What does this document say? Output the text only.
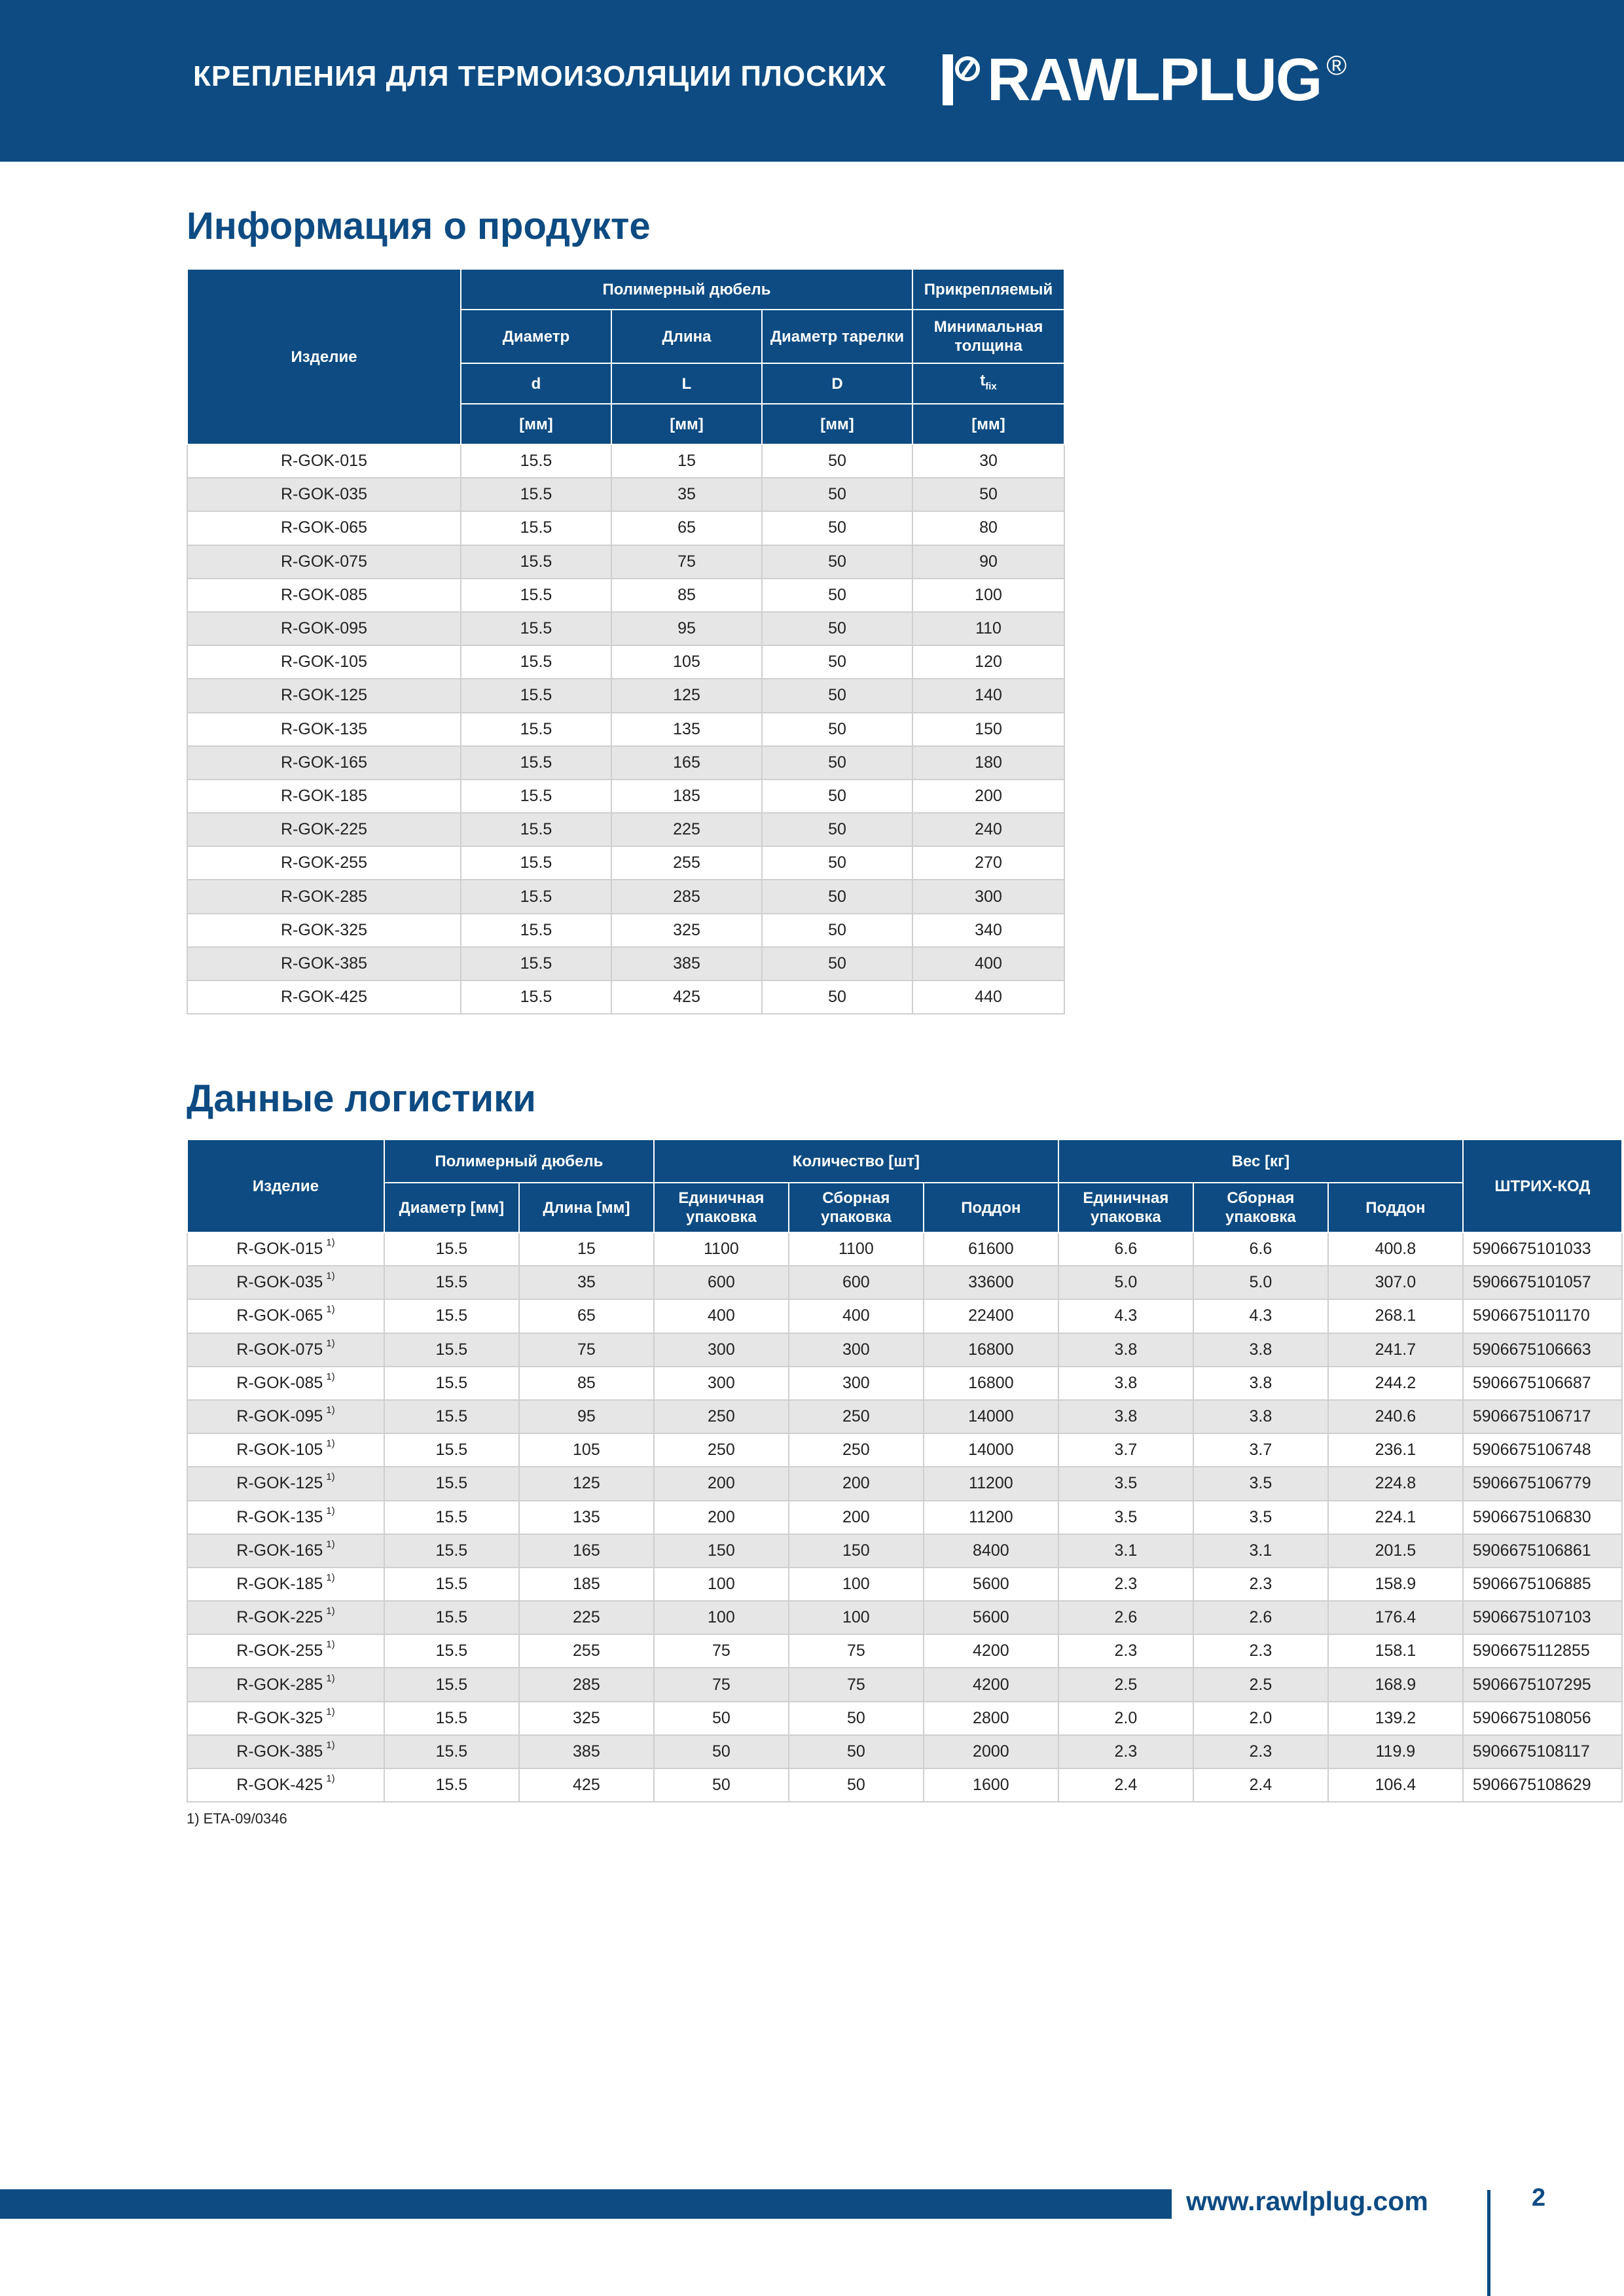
КРЕПЛЕНИЯ ДЛЯ ТЕРМОИЗОЛЯЦИИ ПЛОСКИХ RAWLPLUG ®
Информация о продукте
Изделие	Полимерный дюбель			Прикрепляемый
	Диаметр	Длина	Диаметр тарелки	Минимальная толщина
	d	L	D	$t_{fix}$
	[мм]	[мм]	[мм]	[мм]
R-GOK-015	15.5	15	50	30
R-GOK-035	15.5	35	50	50
R-GOK-065	15.5	65	50	80
R-GOK-075	15.5	75	50	90
R-GOK-085	15.5	85	50	100
R-GOK-095	15.5	95	50	110
R-GOK-105	15.5	105	50	120
R-GOK-125	15.5	125	50	140
R-GOK-135	15.5	135	50	150
R-GOK-165	15.5	165	50	180
R-GOK-185	15.5	185	50	200
R-GOK-225	15.5	225	50	240
R-GOK-255	15.5	255	50	270
R-GOK-285	15.5	285	50	300
R-GOK-325	15.5	325	50	340
R-GOK-385	15.5	385	50	400
R-GOK-425	15.5	425	50	440
Данные логистики
Изделие	Полимерный дюбель		Количество [шт]			Вес [кг]			ШТРИХ-КОД
	Диаметр [мм]	Длина [мм]	Единичная упаковка	Сборная упаковка	Поддон	Единичная упаковка	Сборная упаковка	Поддон	
R-GOK-015 $^{1)}$	15.5	15	1100	1100	61600	6.6	6.6	400.8	5906675101033
R-GOK-035 $^{1)}$	15.5	35	600	600	33600	5.0	5.0	307.0	5906675101057
R-GOK-065 $^{1)}$	15.5	65	400	400	22400	4.3	4.3	268.1	5906675101170
R-GOK-075 $^{1)}$	15.5	75	300	300	16800	3.8	3.8	241.7	5906675106663
R-GOK-085 $^{1)}$	15.5	85	300	300	16800	3.8	3.8	244.2	5906675106687
R-GOK-095 $^{1)}$	15.5	95	250	250	14000	3.8	3.8	240.6	5906675106717
R-GOK-105 $^{1)}$	15.5	105	250	250	14000	3.7	3.7	236.1	5906675106748
R-GOK-125 $^{1)}$	15.5	125	200	200	11200	3.5	3.5	224.8	5906675106779
R-GOK-135 $^{1)}$	15.5	135	200	200	11200	3.5	3.5	224.1	5906675106830
R-GOK-165 $^{1)}$	15.5	165	150	150	8400	3.1	3.1	201.5	5906675106861
R-GOK-185 $^{1)}$	15.5	185	100	100	5600	2.3	2.3	158.9	5906675106885
R-GOK-225 $^{1)}$	15.5	225	100	100	5600	2.6	2.6	176.4	5906675107103
R-GOK-255 $^{1)}$	15.5	255	75	75	4200	2.3	2.3	158.1	5906675112855
R-GOK-285 $^{1)}$	15.5	285	75	75	4200	2.5	2.5	168.9	5906675107295
R-GOK-325 $^{1)}$	15.5	325	50	50	2800	2.0	2.0	139.2	5906675108056
R-GOK-385 $^{1)}$	15.5	385	50	50	2000	2.3	2.3	119.9	5906675108117
R-GOK-425 $^{1)}$	15.5	425	50	50	1600	2.4	2.4	106.4	5906675108629
1) ETA-09/0346
www.rawlplug.com	2
